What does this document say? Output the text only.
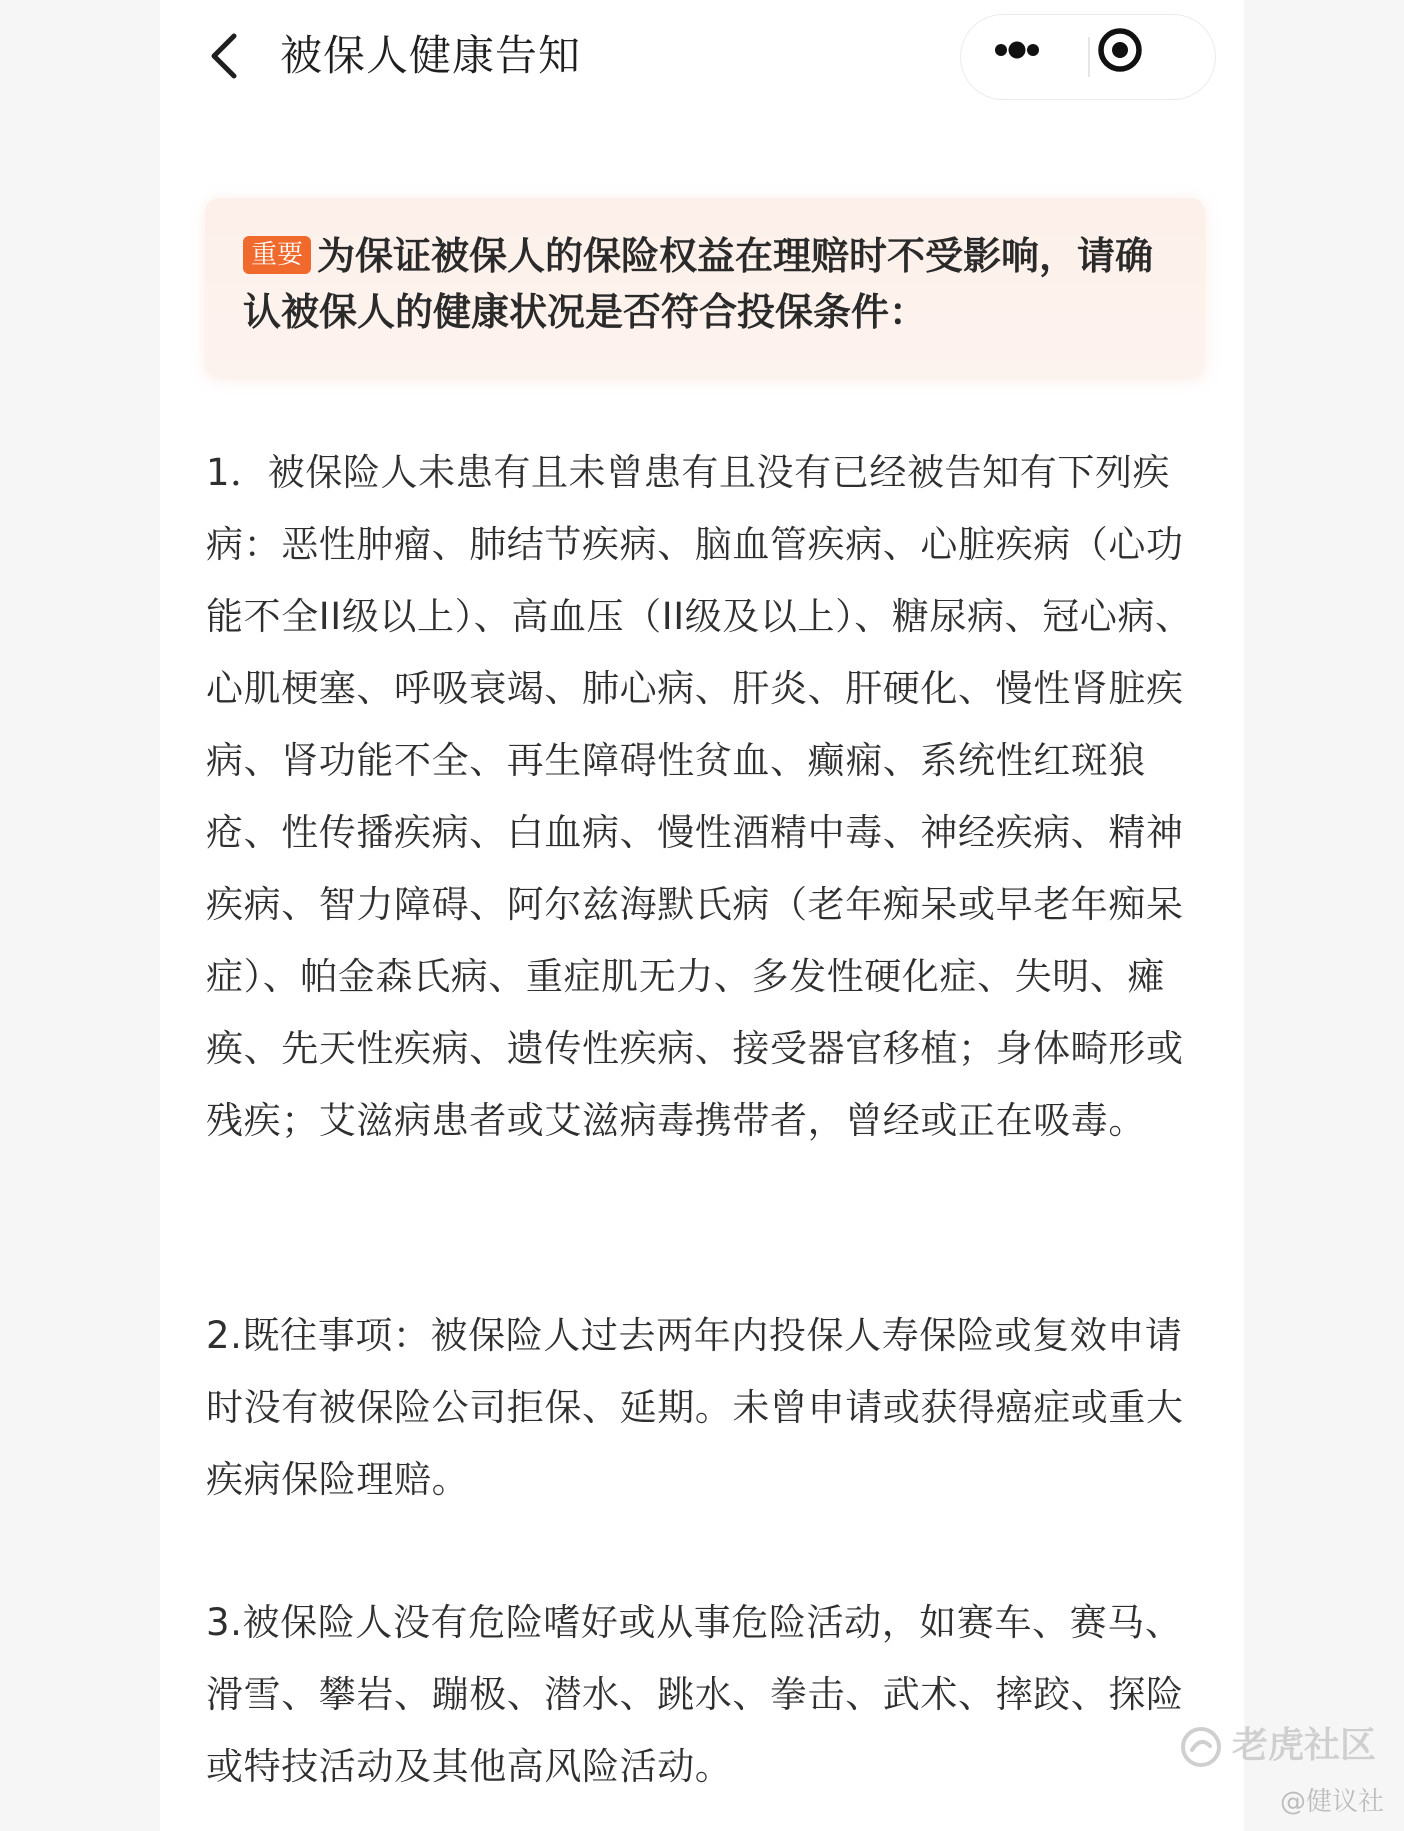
被保人健康告知
重要 为保证被保人的保险权益在理赔时不受影响，请确认被保人的健康状况是否符合投保条件：
1．被保险人未患有且未曾患有且没有已经被告知有下列疾病：恶性肿瘤、肺结节疾病、脑血管疾病、心脏疾病（心功能不全II级以上）、高血压（II级及以上）、糖尿病、冠心病、心肌梗塞、呼吸衰竭、肺心病、肝炎、肝硬化、慢性肾脏疾病、肾功能不全、再生障碍性贫血、癫痫、系统性红斑狼疮、性传播疾病、白血病、慢性酒精中毒、神经疾病、精神疾病、智力障碍、阿尔兹海默氏病（老年痴呆或早老年痴呆症）、帕金森氏病、重症肌无力、多发性硬化症、失明、瘫痪、先天性疾病、遗传性疾病、接受器官移植；身体畸形或残疾；艾滋病患者或艾滋病毒携带者，曾经或正在吸毒。
2.既往事项：被保险人过去两年内投保人寿保险或复效申请时没有被保险公司拒保、延期。未曾申请或获得癌症或重大疾病保险理赔。
3.被保险人没有危险嗜好或从事危险活动，如赛车、赛马、滑雪、攀岩、蹦极、潜水、跳水、拳击、武术、摔跤、探险或特技活动及其他高风险活动。	老虎社区
@健议社
